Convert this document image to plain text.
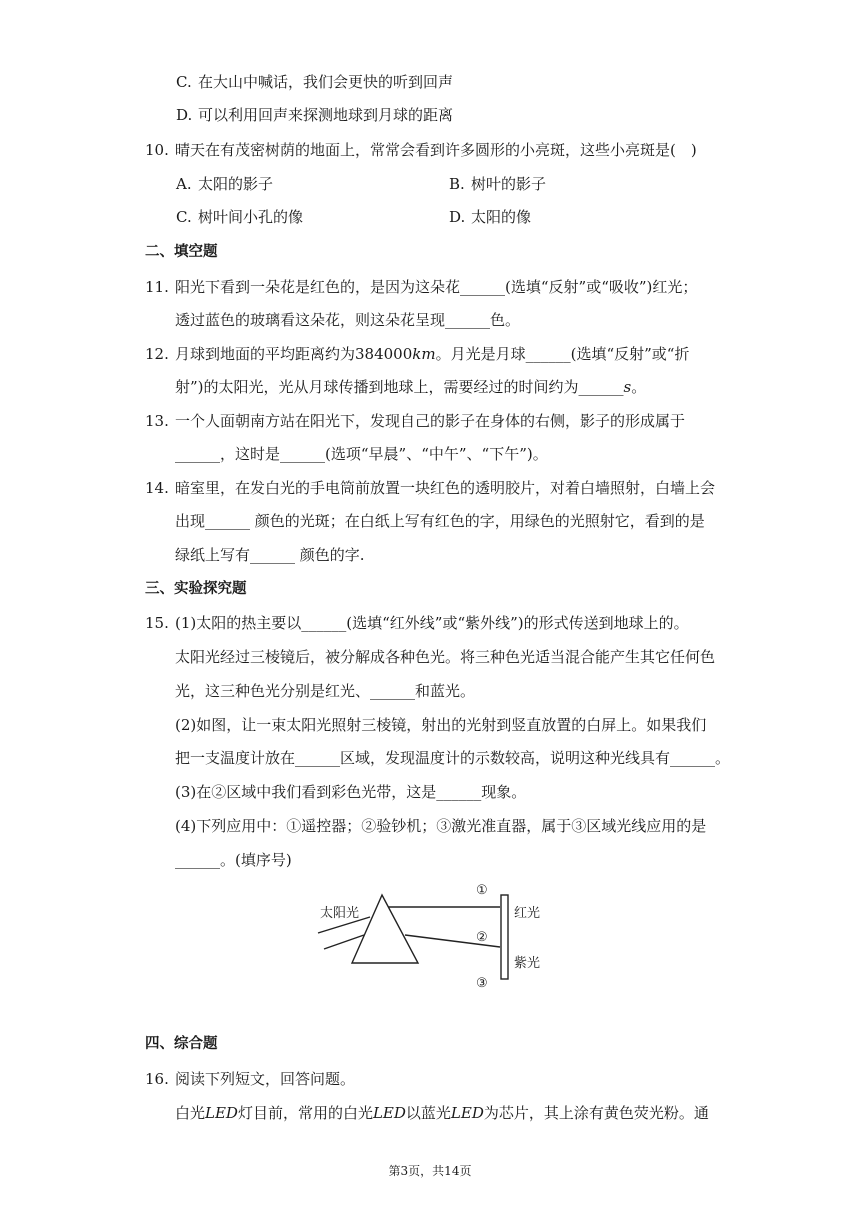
C. 在大山中喊话，我们会更快的听到回声
D. 可以利用回声来探测地球到月球的距离
10. 晴天在有茂密树荫的地面上，常常会看到许多圆形的小亮斑，这些小亮斑是(　)
A. 太阳的影子	B. 树叶的影子
C. 树叶间小孔的像	D. 太阳的像
二、填空题
11. 阳光下看到一朵花是红色的，是因为这朵花______(选填“反射”或“吸收”)红光；
透过蓝色的玻璃看这朵花，则这朵花呈现______色。
12. 月球到地面的平均距离约为384000km。月光是月球______(选填“反射”或“折
射”)的太阳光，光从月球传播到地球上，需要经过的时间约为______s。
13. 一个人面朝南方站在阳光下，发现自己的影子在身体的右侧，影子的形成属于
______，这时是______(选项“早晨”、“中午”、“下午”)。
14. 暗室里，在发白光的手电筒前放置一块红色的透明胶片，对着白墙照射，白墙上会
出现______ 颜色的光斑；在白纸上写有红色的字，用绿色的光照射它，看到的是
绿纸上写有______ 颜色的字.
三、实验探究题
15. (1)太阳的热主要以______(选填“红外线”或“紫外线”)的形式传送到地球上的。
太阳光经过三棱镜后，被分解成各种色光。将三种色光适当混合能产生其它任何色
光，这三种色光分别是红光、______和蓝光。
(2)如图，让一束太阳光照射三棱镜，射出的光射到竖直放置的白屏上。如果我们
把一支温度计放在______区域，发现温度计的示数较高，说明这种光线具有______。
(3)在②区域中我们看到彩色光带，这是______现象。
(4)下列应用中：①遥控器；②验钞机；③激光准直器，属于③区域光线应用的是
______。(填序号)
太阳光
①
②
③
红光
紫光
四、综合题
16. 阅读下列短文，回答问题。
白光LED灯目前，常用的白光LED以蓝光LED为芯片，其上涂有黄色荧光粉。通
第3页，共14页
